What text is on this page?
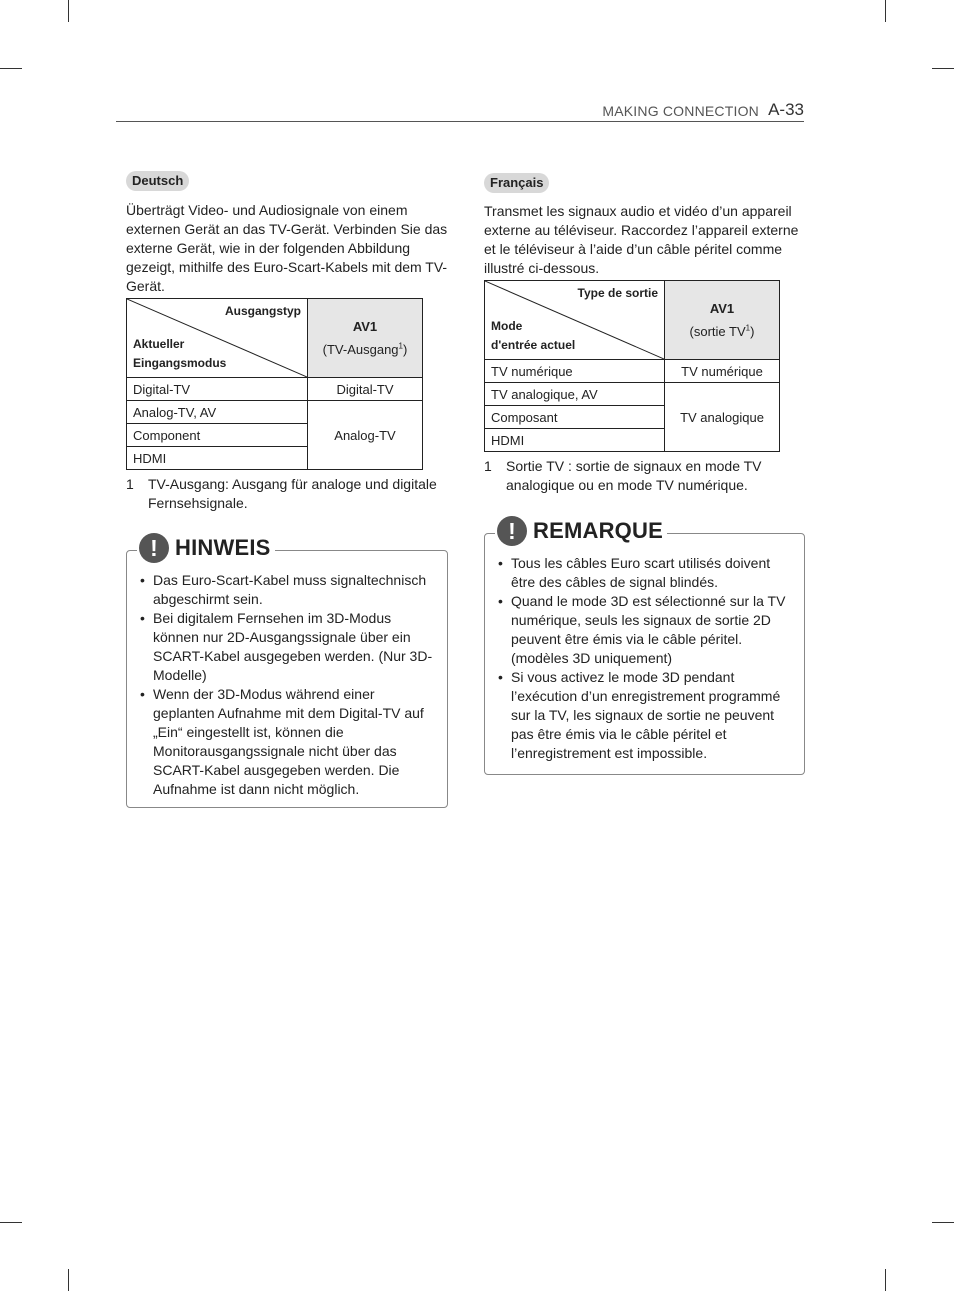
MAKING CONNECTION A-33
Deutsch

Überträgt Video- und Audiosignale von einem externen Gerät an das TV-Gerät. Verbinden Sie das externe Gerät, wie in der folgenden Abbildung gezeigt, mithilfe des Euro-Scart-Kabels mit dem TV-Gerät.

Ausgangstyp
Aktueller
Eingangsmodus	AV1
(TV-Ausgang$^1$)
Digital-TV	Digital-TV
Analog-TV, AV	Analog-TV
Component	
HDMI	
1 TV-Ausgang: Ausgang für analoge und digitale Fernsehsignale.
! HINWEIS
• Das Euro-Scart-Kabel muss signaltechnisch abgeschirmt sein.
• Bei digitalem Fernsehen im 3D-Modus können nur 2D-Ausgangssignale über ein SCART-Kabel ausgegeben werden. (Nur 3D-Modelle)
• Wenn der 3D-Modus während einer geplanten Aufnahme mit dem Digital-TV auf „Ein“ eingestellt ist, können die Monitorausgangssignale nicht über das SCART-Kabel ausgegeben werden. Die Aufnahme ist dann nicht möglich.
Français

Transmet les signaux audio et vidéo d’un appareil externe au téléviseur. Raccordez l’appareil externe et le téléviseur à l’aide d’un câble péritel comme illustré ci-dessous.

Type de sortie
Mode
d'entrée actuel	AV1
(sortie $TV^1$)
TV numérique	TV numérique
TV analogique, AV	TV analogique
Composant	
HDMI	
1 Sortie TV : sortie de signaux en mode TV analogique ou en mode TV numérique.
! REMARQUE
• Tous les câbles Euro scart utilisés doivent être des câbles de signal blindés.
• Quand le mode 3D est sélectionné sur la TV numérique, seuls les signaux de sortie 2D peuvent être émis via le câble péritel. (modèles 3D uniquement)
• Si vous activez le mode 3D pendant l’exécution d’un enregistrement programmé sur la TV, les signaux de sortie ne peuvent pas être émis via le câble péritel et l’enregistrement est impossible.
